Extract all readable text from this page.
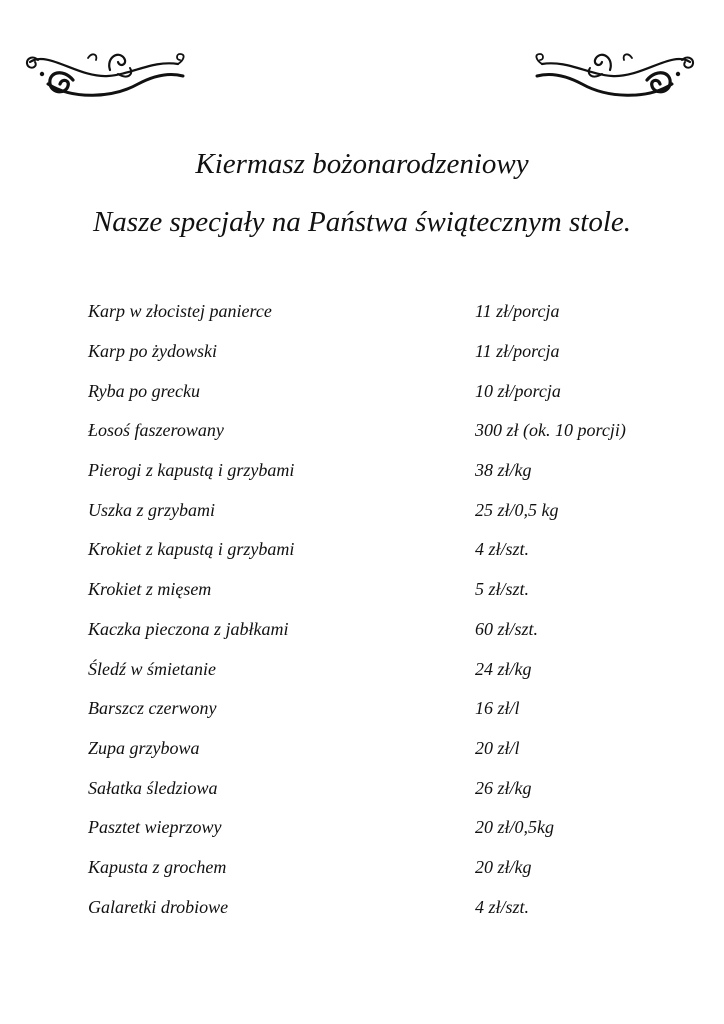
Kiermasz bożonarodzeniowy
Nasze specjały na Państwa świątecznym stole.
Karp w złocistej panierce	11 zł/porcja
Karp po żydowski	11 zł/porcja
Ryba po grecku	10 zł/porcja
Łosoś faszerowany	300 zł (ok. 10 porcji)
Pierogi z kapustą i grzybami	38 zł/kg
Uszka z grzybami	25 zł/0,5 kg
Krokiet z kapustą i grzybami	4 zł/szt.
Krokiet z mięsem	5 zł/szt.
Kaczka pieczona z jabłkami	60 zł/szt.
Śledź w śmietanie	24 zł/kg
Barszcz czerwony	16 zł/l
Zupa grzybowa	20 zł/l
Sałatka śledziowa	26 zł/kg
Pasztet wieprzowy	20 zł/0,5kg
Kapusta z grochem	20 zł/kg
Galaretki drobiowe	4 zł/szt.
